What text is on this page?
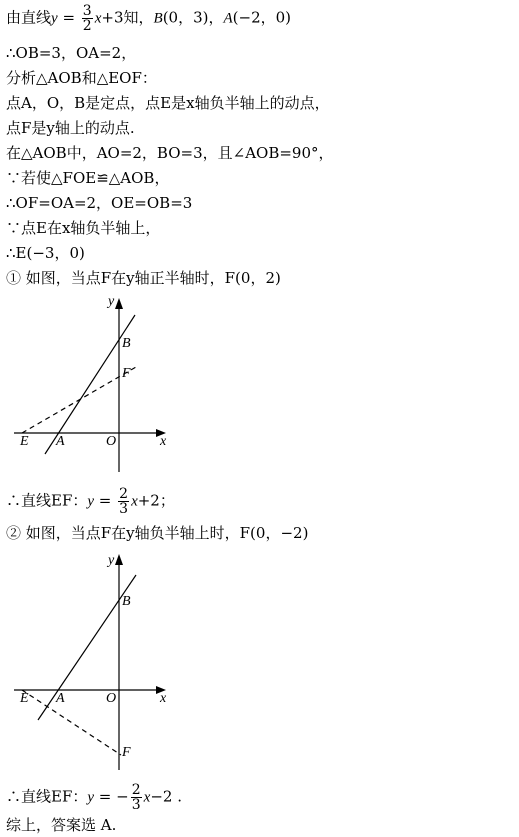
由直线$y = \frac{3}{2} x+3$知，B(0，3)，A(−2，0)
∴OB=3，OA=2，
分析△AOB和△EOF：
点A，O，B是定点，点E是x轴负半轴上的动点，
点F是y轴上的动点.
在△AOB中，AO=2，BO=3，且∠AOB=90°，
∵若使△FOE≌△AOB，
∴OF=OA=2，OE=OB=3
∵点E在x轴负半轴上，
∴E(−3，0)
① 如图，当点F在y轴正半轴时，F(0，2)
y
x
B
F
E A	O
∴直线EF：$y = \frac{2}{3} x+2$；
② 如图，当点F在y轴负半轴上时，F(0，−2)
y
x
B
F
E A	O
∴直线EF：y = − $\frac{2}{3} x-2$ .
综上，答案选 A.
